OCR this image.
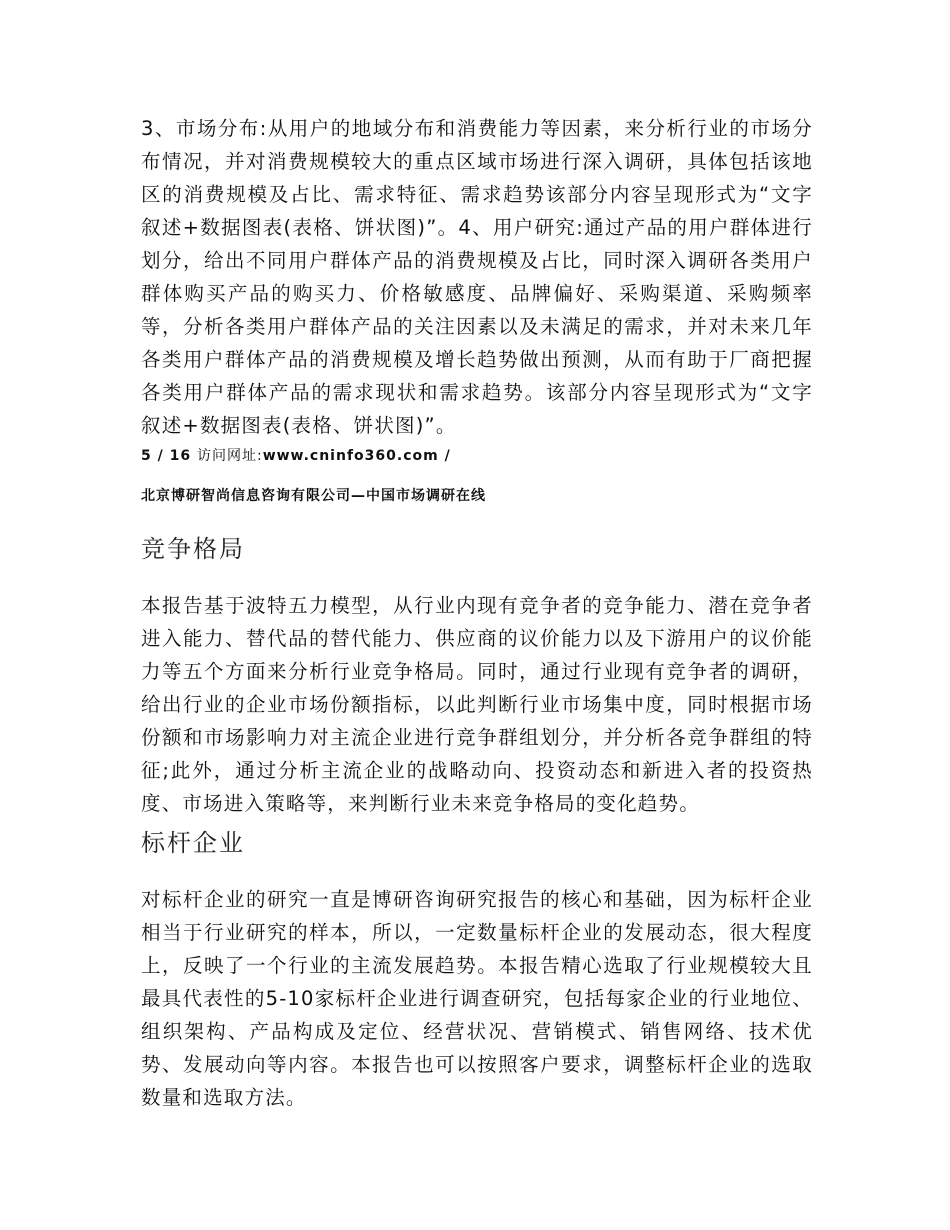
3、市场分布:从用户的地域分布和消费能力等因素，来分析行业的市场分布情况，并对消费规模较大的重点区域市场进行深入调研，具体包括该地区的消费规模及占比、需求特征、需求趋势该部分内容呈现形式为“文字叙述+数据图表(表格、饼状图)”。4、用户研究:通过产品的用户群体进行划分，给出不同用户群体产品的消费规模及占比，同时深入调研各类用户群体购买产品的购买力、价格敏感度、品牌偏好、采购渠道、采购频率等，分析各类用户群体产品的关注因素以及未满足的需求，并对未来几年各类用户群体产品的消费规模及增长趋势做出预测，从而有助于厂商把握各类用户群体产品的需求现状和需求趋势。该部分内容呈现形式为“文字叙述+数据图表(表格、饼状图)”。

5 / 16 访问网址:www.cninfo360.com /

北京博研智尚信息咨询有限公司—中国市场调研在线

竞争格局

本报告基于波特五力模型，从行业内现有竞争者的竞争能力、潜在竞争者进入能力、替代品的替代能力、供应商的议价能力以及下游用户的议价能力等五个方面来分析行业竞争格局。同时，通过行业现有竞争者的调研，给出行业的企业市场份额指标，以此判断行业市场集中度，同时根据市场份额和市场影响力对主流企业进行竞争群组划分，并分析各竞争群组的特征;此外，通过分析主流企业的战略动向、投资动态和新进入者的投资热度、市场进入策略等，来判断行业未来竞争格局的变化趋势。

标杆企业

对标杆企业的研究一直是博研咨询研究报告的核心和基础，因为标杆企业相当于行业研究的样本，所以，一定数量标杆企业的发展动态，很大程度上，反映了一个行业的主流发展趋势。本报告精心选取了行业规模较大且最具代表性的5-10家标杆企业进行调查研究，包括每家企业的行业地位、组织架构、产品构成及定位、经营状况、营销模式、销售网络、技术优势、发展动向等内容。本报告也可以按照客户要求，调整标杆企业的选取数量和选取方法。
